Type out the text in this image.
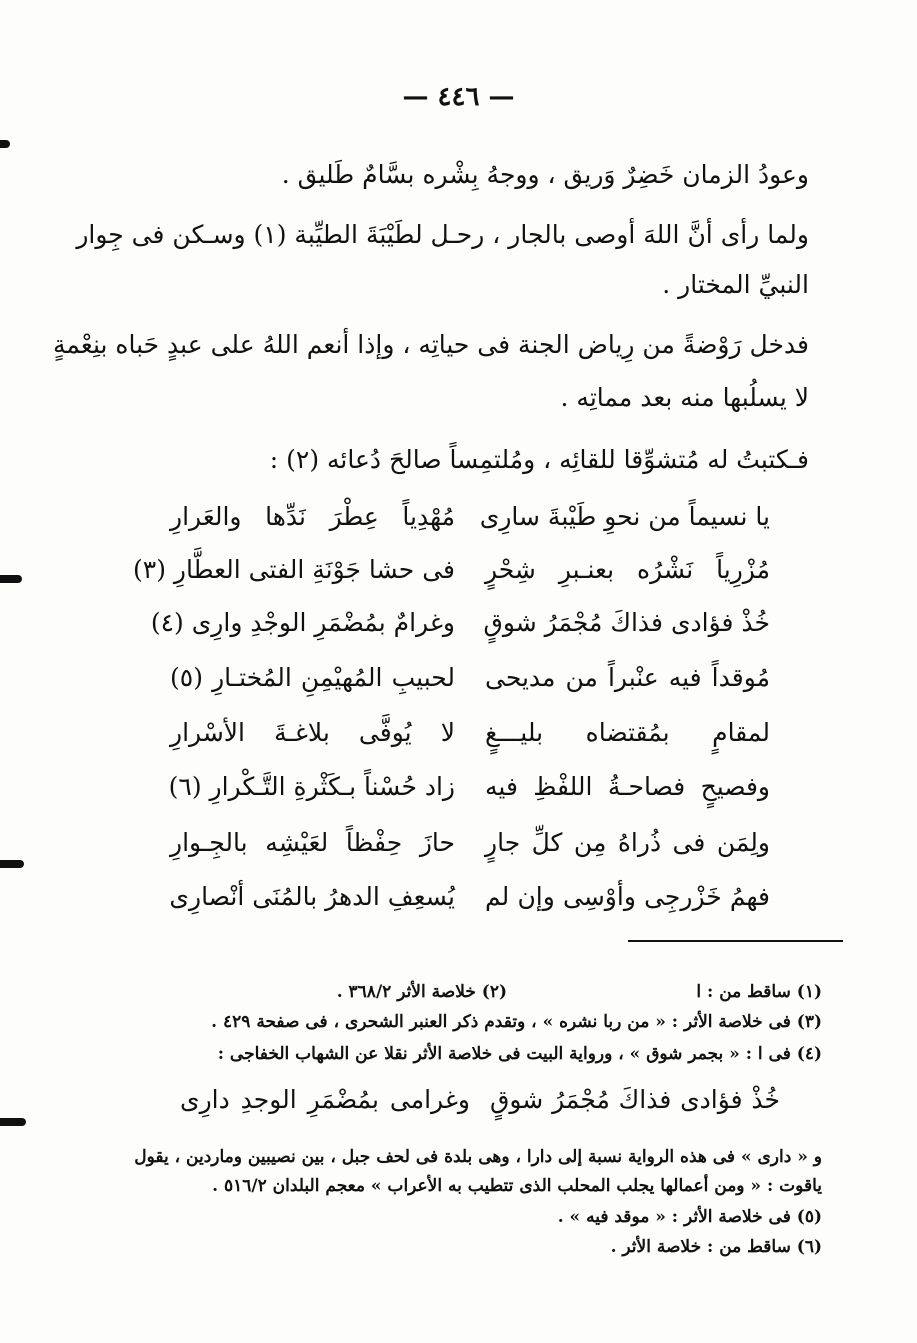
— ٤٤٦ —
وعودُ الزمان خَضِرٌ وَريق ، ووجهُ بِشْره بسَّامٌ طَليق .
ولما رأى أنَّ اللهَ أوصى بالجار ، رحـل لطَيْبَةَ الطيِّبة (١) وسـكن فى جِوار
النبيِّ المختار .
فدخل رَوْضةً من رِياض الجنة فى حياتِه ، وإذا أنعم اللهُ على عبدٍ حَباه بنِعْمةٍ
لا يسلُبها منه بعد مماتِه .
فـكتبتُ له مُتشوِّقا للقائِه ، ومُلتمِساً صالحَ دُعائه (٢) :
يا نسيماً من نحوِ طَيْبةَ سارِى
مُهْدِياً عِطْرَ نَدِّها والعَرارِ
مُزْرِياً نَشْرُه بعنـبرِ شِحْرٍ
فى حشا جَوْنَةِ الفتى العطَّارِ (٣)
خُذْ فؤادى فذاكَ مُجْمَرُ شوقٍ
وغرامٌ بمُضْمَرِ الوجْدِ وارِى (٤)
مُوقداً فيه عنْبراً من مديحى
لحبيبِ المُهيْمِنِ المُختـارِ (٥)
لمقامٍ بمُقتضاه بليـــغٍ
لا يُوفَّى بلاغـةَ الأسْرارِ
وفصيحٍ فصاحـةُ اللفْظِ فيه
زاد حُسْناً بـكَثْرةِ التَّـكْرارِ (٦)
ولِمَن فى ذُراهُ مِن كلِّ جارٍ
حازَ حِفْظاً لعَيْشِه بالجِـوارِ
فهمُ خَزْرجِى وأوْسِى وإن لم
يُسعِفِ الدهرُ بالمُنَى أنْصارِى
(١) ساقط من : ا
(٢) خلاصة الأثر ٣٦٨/٢ .
(٣) فى خلاصة الأثر : « من ربا نشره » ، وتقدم ذكر العنبر الشحرى ، فى صفحة ٤٢٩ .
(٤) فى ا : « بجمر شوق » ، ورواية البيت فى خلاصة الأثر نقلا عن الشهاب الخفاجى :
خُذْ فؤادى فذاكَ مُجْمَرُ شوقٍ
وغرامى بمُضْمَرِ الوجدِ دارِى
و « دارى » فى هذه الرواية نسبة إلى دارا ، وهى بلدة فى لحف جبل ، بين نصيبين وماردين ، يقول
ياقوت : « ومن أعمالها يجلب المحلب الذى تتطيب به الأعراب » معجم البلدان ٥١٦/٢ .
(٥) فى خلاصة الأثر : « موقد فيه » .
(٦) ساقط من : خلاصة الأثر .
